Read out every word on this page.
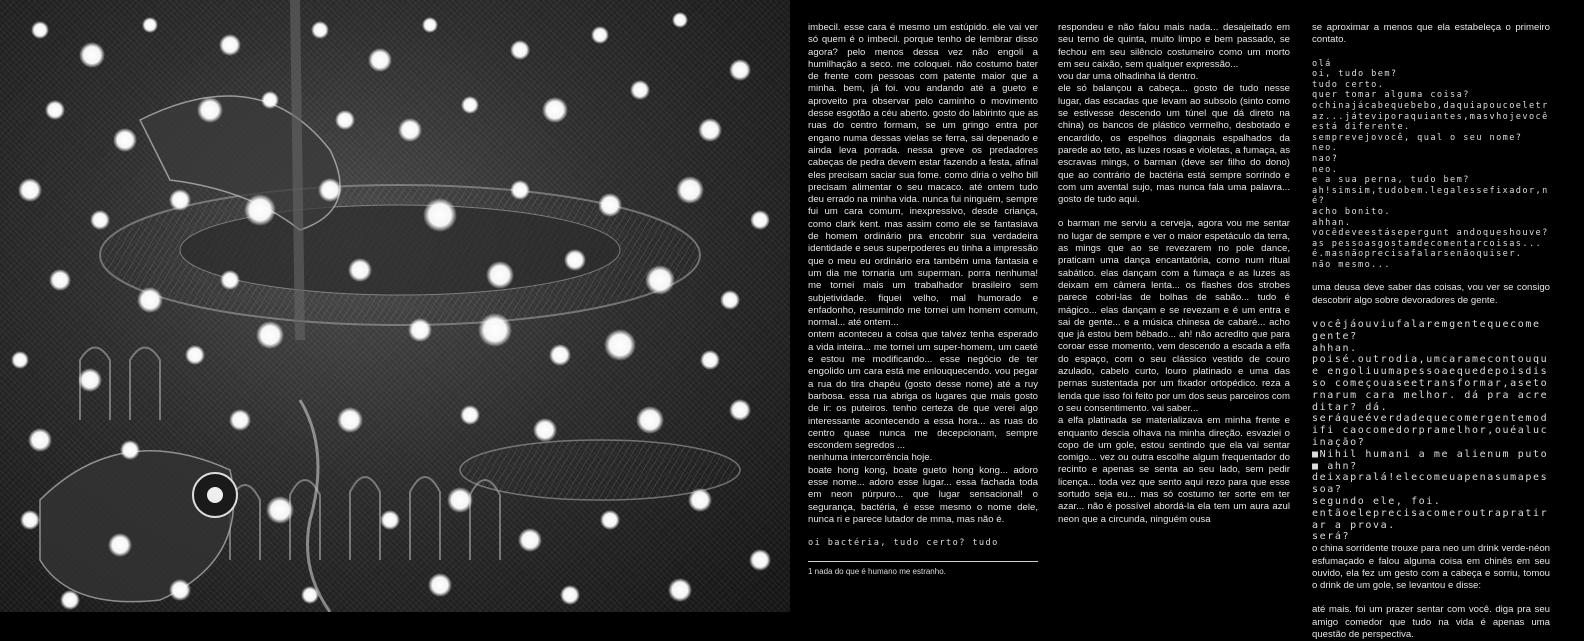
imbecil. esse cara é mesmo um estúpido. ele vai ver só quem é o imbecil. porque tenho de lembrar disso agora? pelo menos dessa vez não engoli a humilhação a seco. me coloquei. não costumo bater de frente com pessoas com patente maior que a minha. bem, já foi. vou andando até a gueto e aproveito pra observar pelo caminho o movimento desse esgotão a céu aberto. gosto do labirinto que as ruas do centro formam, se um gringo entra por engano numa dessas vielas se ferra, sai depenado e ainda leva porrada. nessa greve os predadores cabeças de pedra devem estar fazendo a festa, afinal eles precisam saciar sua fome. como diria o velho bill precisam alimentar o seu macaco. até ontem tudo deu errado na minha vida. nunca fui ninguém, sempre fui um cara comum, inexpressivo, desde criança, como clark kent. mas assim como ele se fantasiava de homem ordinário pra encobrir sua verdadeira identidade e seus superpoderes eu tinha a impressão que o meu eu ordinário era também uma fantasia e um dia me tornaria um superman. porra nenhuma! me tornei mais um trabalhador brasileiro sem subjetividade. fiquei velho, mal humorado e enfadonho, resumindo me tornei um homem comum, normal... até ontem...

ontem aconteceu a coisa que talvez tenha esperado a vida inteira... me tornei um super-homem, um caeté e estou me modificando... esse negócio de ter engolido um cara está me enlouquecendo. vou pegar a rua do tira chapéu (gosto desse nome) até a ruy barbosa. essa rua abriga os lugares que mais gosto de ir: os puteiros. tenho certeza de que verei algo interessante acontecendo a essa hora... as ruas do centro quase nunca me decepcionam, sempre escondem segredos ...

nenhuma intercorrência hoje.

boate hong kong, boate gueto hong kong... adoro esse nome... adoro esse lugar... essa fachada toda em neon púrpuro... que lugar sensacional! o segurança, bactéria, é esse mesmo o nome dele, nunca ri e parece lutador de mma, mas não é.

oi bactéria, tudo certo? tudo

1 nada do que é humano me estranho.

respondeu e não falou mais nada... desajeitado em seu terno de quinta, muito limpo e bem passado, se fechou em seu silêncio costumeiro como um morto em seu caixão, sem qualquer expressão...

vou dar uma olhadinha lá dentro.

ele só balançou a cabeça... gosto de tudo nesse lugar, das escadas que levam ao subsolo (sinto como se estivesse descendo um túnel que dá direto na china) os bancos de plástico vermelho, desbotado e encardido, os espelhos diagonais espalhados da parede ao teto, as luzes rosas e violetas, a fumaça, as escravas mings, o barman (deve ser filho do dono) que ao contrário de bactéria está sempre sorrindo e com um avental sujo, mas nunca fala uma palavra... gosto de tudo aqui.

o barman me serviu a cerveja, agora vou me sentar no lugar de sempre e ver o maior espetáculo da terra, as mings que ao se revezarem no pole dance, praticam uma dança encantatória, como num ritual sabático. elas dançam com a fumaça e as luzes as deixam em câmera lenta... os flashes dos strobes parece cobri-las de bolhas de sabão... tudo é mágico... elas dançam e se revezam e é um entra e sai de gente... e a música chinesa de cabaré... acho que já estou bem bêbado... ah! não acredito que para coroar esse momento, vem descendo a escada a elfa do espaço, com o seu clássico vestido de couro azulado, cabelo curto, louro platinado e uma das pernas sustentada por um fixador ortopédico. reza a lenda que isso foi feito por um dos seus parceiros com o seu consentimento. vai saber...

a elfa platinada se materializava em minha frente e enquanto descia olhava na minha direção. esvaziei o copo de um gole, estou sentindo que ela vai sentar comigo... vez ou outra escolhe algum frequentador do recinto e apenas se senta ao seu lado, sem pedir licença... toda vez que sento aqui rezo para que esse sortudo seja eu... mas só costumo ter sorte em ter azar... não é possível abordá-la ela tem um aura azul neon que a circunda, ninguém ousa

se aproximar a menos que ela estabeleça o primeiro contato.

olá

oi, tudo bem?

tudo certo.

quer tomar alguma coisa?

ochinajácabequebebo,daquiapoucoeletraz...játeviporaquiantes,masvhojevocê está diferente.

semprevejovocê, qual o seu nome?

neo.

nao?

neo.

e a sua perna, tudo bem?

ah!simsim,tudobem.legalessefixador,né?

acho bonito.

ahhan.

vocêdeveestásepergunt andoqueshouve?as pessoasgostamdecomentarcoisas...

é.masnãoprecisafalarsenãoquiser.

não mesmo...

uma deusa deve saber das coisas, vou ver se consigo descobrir algo sobre devoradores de gente.

vocêjáouviufalaremgentequecome gente?

ahhan.

poisé.outrodia,umcaramecontouque engoliuumapessoaequedepoisdisso começouaseetransformar,asetornarum cara melhor. dá pra acreditar? dá.

seráqueéverdadequecomergentemodifi caocomedorpramelhor,ouéalucinação?

■Nihil humani a me alienum puto■ ahn?

deixapralá!elecomeuapenasumapessoa?

segundo ele, foi.

entãoeleprecisacomeroutrapratirar a prova.

será?

o china sorridente trouxe para neo um drink verde-néon esfumaçado e falou alguma coisa em chinês em seu ouvido, ela fez um gesto com a cabeça e sorriu, tomou o drink de um gole, se levantou e disse:

até mais. foi um prazer sentar com você. diga pra seu amigo comedor que tudo na vida é apenas uma questão de perspectiva.
